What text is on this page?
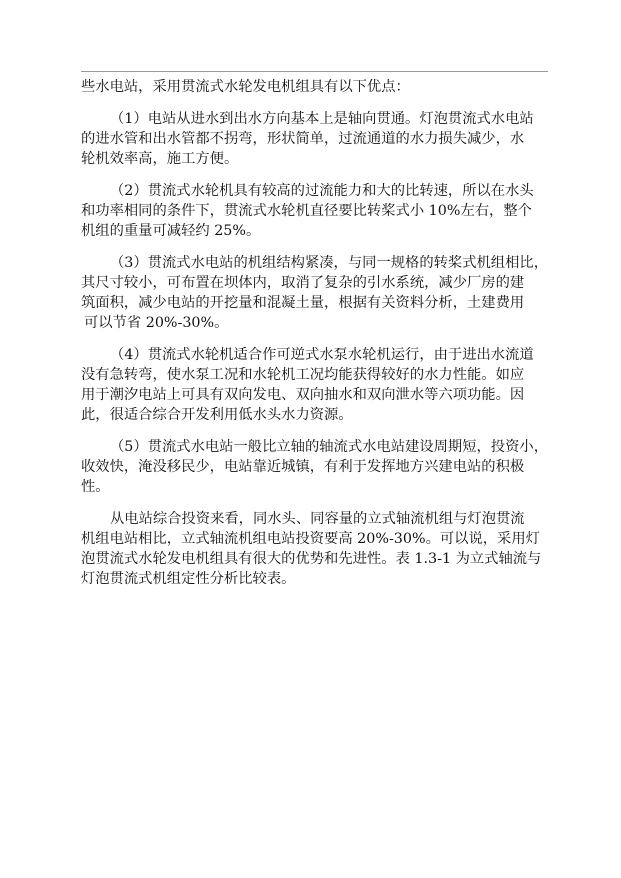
些水电站，采用贯流式水轮发电机组具有以下优点：
（1）电站从进水到出水方向基本上是轴向贯通。灯泡贯流式水电站
的进水管和出水管都不拐弯，形状简单，过流通道的水力损失减少，水
轮机效率高，施工方便。
（2）贯流式水轮机具有较高的过流能力和大的比转速，所以在水头
和功率相同的条件下，贯流式水轮机直径要比转桨式小 10%左右，整个
机组的重量可减轻约 25%。
（3）贯流式水电站的机组结构紧凑，与同一规格的转桨式机组相比，
其尺寸较小，可布置在坝体内，取消了复杂的引水系统，减少厂房的建
筑面积，减少电站的开挖量和混凝土量，根据有关资料分析，土建费用
可以节省 20%-30%。
（4）贯流式水轮机适合作可逆式水泵水轮机运行，由于进出水流道
没有急转弯，使水泵工况和水轮机工况均能获得较好的水力性能。如应
用于潮汐电站上可具有双向发电、双向抽水和双向泄水等六项功能。因
此，很适合综合开发利用低水头水力资源。
（5）贯流式水电站一般比立轴的轴流式水电站建设周期短，投资小，
收效快，淹没移民少，电站靠近城镇，有利于发挥地方兴建电站的积极
性。
从电站综合投资来看，同水头、同容量的立式轴流机组与灯泡贯流
机组电站相比，立式轴流机组电站投资要高 20%-30%。可以说，采用灯
泡贯流式水轮发电机组具有很大的优势和先进性。表 1.3-1 为立式轴流与
灯泡贯流式机组定性分析比较表。
